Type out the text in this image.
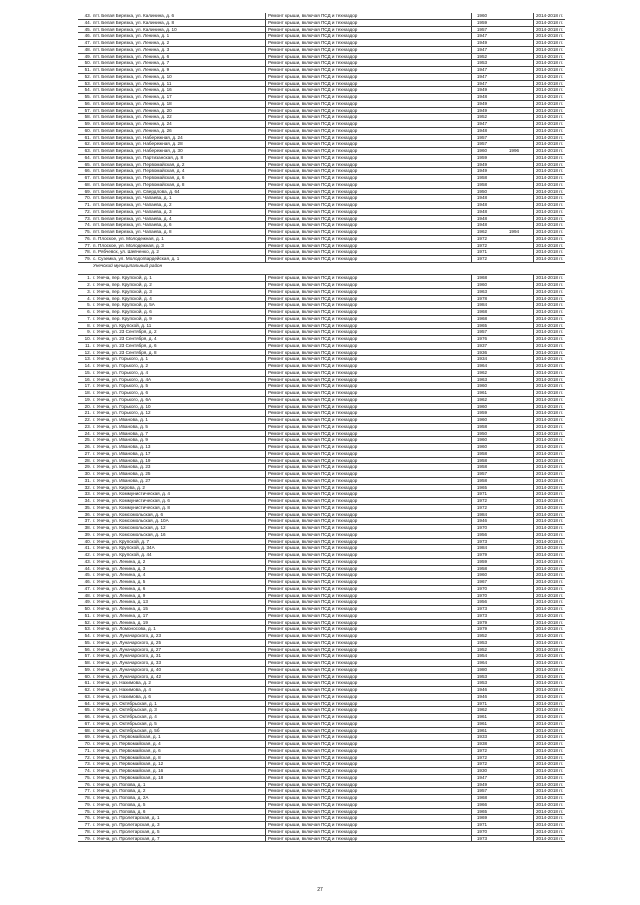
43. пгт. Белая Березка, ул. Калинина, д. 6	Ремонт крыши, включая ПСД и техназдор	1960	2014-2018 гг.
44. пгт. Белая Березка, ул. Калинина, д. 8	Ремонт крыши, включая ПСД и техназдор	1959	2014-2018 гг.
45. пгт. Белая Березка, ул. Калинина, д. 10	Ремонт крыши, включая ПСД и техназдор	1957	2014-2018 гг.
46. пгт. Белая Березка, ул. Ленина, д. 1	Ремонт крыши, включая ПСД и техназдор	1947	2014-2018 гг.
47. пгт. Белая Березка, ул. Ленина, д. 2	Ремонт крыши, включая ПСД и техназдор	1949	2014-2018 гг.
48. пгт. Белая Березка, ул. Ленина, д. 3	Ремонт крыши, включая ПСД и техназдор	1947	2014-2018 гг.
49. пгт. Белая Березка, ул. Ленина, д. 6	Ремонт крыши, включая ПСД и техназдор	1952	2014-2018 гг.
50. пгт. Белая Березка, ул. Ленина, д. 7	Ремонт крыши, включая ПСД и техназдор	1953	2014-2018 гг.
51. пгт. Белая Березка, ул. Ленина, д. 9	Ремонт крыши, включая ПСД и техназдор	1947	2014-2018 гг.
52. пгт. Белая Березка, ул. Ленина, д. 10	Ремонт крыши, включая ПСД и техназдор	1947	2014-2018 гг.
53. пгт. Белая Березка, ул. Ленина, д. 11	Ремонт крыши, включая ПСД и техназдор	1947	2014-2018 гг.
54. пгт. Белая Березка, ул. Ленина, д. 16	Ремонт крыши, включая ПСД и техназдор	1949	2014-2018 гг.
55. пгт. Белая Березка, ул. Ленина, д. 17	Ремонт крыши, включая ПСД и техназдор	1948	2014-2018 гг.
56. пгт. Белая Березка, ул. Ленина, д. 18	Ремонт крыши, включая ПСД и техназдор	1949	2014-2018 гг.
57. пгт. Белая Березка, ул. Ленина, д. 20	Ремонт крыши, включая ПСД и техназдор	1949	2014-2018 гг.
58. пгт. Белая Березка, ул. Ленина, д. 22	Ремонт крыши, включая ПСД и техназдор	1952	2014-2018 гг.
59. пгт. Белая Березка, ул. Ленина, д. 24	Ремонт крыши, включая ПСД и техназдор	1947	2014-2018 гг.
60. пгт. Белая Березка, ул. Ленина, д. 26	Ремонт крыши, включая ПСД и техназдор	1948	2014-2018 гг.
61. пгт. Белая Березка, ул. Набережная, д. 24	Ремонт крыши, включая ПСД и техназдор	1957	2014-2018 гг.
62. пгт. Белая Березка, ул. Набережная, д. 28	Ремонт крыши, включая ПСД и техназдор	1957	2014-2018 гг.
63. пгт. Белая Березка, ул. Набережная, д. 30	Ремонт крыши, включая ПСД и техназдор	1960	1996	2014-2018 гг.
64. пгт. Белая Березка, ул. Партизанская, д. 8	Ремонт крыши, включая ПСД и техназдор	1959	2014-2018 гг.
65. пгт. Белая Березка, ул. Первомайская, д. 2	Ремонт крыши, включая ПСД и техназдор	1949	2014-2018 гг.
66. пгт. Белая Березка, ул. Первомайская, д. 4	Ремонт крыши, включая ПСД и техназдор	1949	2014-2018 гг.
67. пгт. Белая Березка, ул. Первомайская, д. 6	Ремонт крыши, включая ПСД и техназдор	1958	2014-2018 гг.
68. пгт. Белая Березка, ул. Первомайская, д. 8	Ремонт крыши, включая ПСД и техназдор	1958	2014-2018 гг.
69. пгт. Белая Березка, ул. Свердлова, д. 64	Ремонт крыши, включая ПСД и техназдор	1950	2014-2018 гг.
70. пгт. Белая Березка, ул. Чапаева, д. 1	Ремонт крыши, включая ПСД и техназдор	1948	2014-2018 гг.
71. пгт. Белая Березка, ул. Чапаева, д. 2	Ремонт крыши, включая ПСД и техназдор	1948	2014-2018 гг.
72. пгт. Белая Березка, ул. Чапаева, д. 3	Ремонт крыши, включая ПСД и техназдор	1948	2014-2018 гг.
73. пгт. Белая Березка, ул. Чапаева, д. 4	Ремонт крыши, включая ПСД и техназдор	1948	2014-2018 гг.
74. пгт. Белая Березка, ул. Чапаева, д. 6	Ремонт крыши, включая ПСД и техназдор	1948	2014-2018 гг.
75. пгт. Белая Березка, ул. Чапаева, д. 8	Ремонт крыши, включая ПСД и техназдор	1962	1994	2014-2018 гг.
76. п. Плоское, ул. Молодежная, д. 1	Ремонт крыши, включая ПСД и техназдор	1972	2014-2018 гг.
77. п. Плоское, ул. Молодежная, д. 3	Ремонт крыши, включая ПСД и техназдор	1972	2014-2018 гг.
78. п. Рябчевск, ул. Шевченко, д. 2	Ремонт крыши, включая ПСД и техназдор	1971	2014-2018 гг.
79. с. Суземка, ул. Молодогвардейская, д. 1	Ремонт крыши, включая ПСД и техназдор	1972	2014-2018 гг.
Унечский муниципальный район
1. г. Унеча, пер. Крупской, д. 1	Ремонт крыши, включая ПСД и техназдор	1968	2014-2018 гг.
2. г. Унеча, пер. Крупской, д. 2	Ремонт крыши, включая ПСД и техназдор	1960	2014-2018 гг.
3. г. Унеча, пер. Крупской, д. 3	Ремонт крыши, включая ПСД и техназдор	1963	2014-2018 гг.
4. г. Унеча, пер. Крупской, д. 4	Ремонт крыши, включая ПСД и техназдор	1978	2014-2018 гг.
5. г. Унеча, пер. Крупской, д. 5А	Ремонт крыши, включая ПСД и техназдор	1984	2014-2018 гг.
6. г. Унеча, пер. Крупской, д. 6	Ремонт крыши, включая ПСД и техназдор	1968	2014-2018 гг.
7. г. Унеча, пер. Крупской, д. 9	Ремонт крыши, включая ПСД и техназдор	1968	2014-2018 гг.
8. г. Унеча, ул. Крупской, д. 11	Ремонт крыши, включая ПСД и техназдор	1965	2014-2018 гг.
9. г. Унеча, ул. 23 Сентября, д. 2	Ремонт крыши, включая ПСД и техназдор	1957	2014-2018 гг.
10. г. Унеча, ул. 23 Сентября, д. 4	Ремонт крыши, включая ПСД и техназдор	1976	2014-2018 гг.
11. г. Унеча, ул. 23 Сентября, д. 6	Ремонт крыши, включая ПСД и техназдор	1937	2014-2018 гг.
12. г. Унеча, ул. 23 Сентября, д. 8	Ремонт крыши, включая ПСД и техназдор	1936	2014-2018 гг.
13. г. Унеча, ул. Горького, д. 1	Ремонт крыши, включая ПСД и техназдор	1934	2014-2018 гг.
14. г. Унеча, ул. Горького, д. 2	Ремонт крыши, включая ПСД и техназдор	1964	2014-2018 гг.
15. г. Унеча, ул. Горького, д. 4	Ремонт крыши, включая ПСД и техназдор	1962	2014-2018 гг.
16. г. Унеча, ул. Горького, д. 4А	Ремонт крыши, включая ПСД и техназдор	1963	2014-2018 гг.
17. г. Унеча, ул. Горького, д. 5	Ремонт крыши, включая ПСД и техназдор	1960	2014-2018 гг.
18. г. Унеча, ул. Горького, д. 6	Ремонт крыши, включая ПСД и техназдор	1961	2014-2018 гг.
19. г. Унеча, ул. Горького, д. 6А	Ремонт крыши, включая ПСД и техназдор	1962	2014-2018 гг.
20. г. Унеча, ул. Горького, д. 10	Ремонт крыши, включая ПСД и техназдор	1960	2014-2018 гг.
21. г. Унеча, ул. Горького, д. 12	Ремонт крыши, включая ПСД и техназдор	1959	2014-2018 гг.
22. г. Унеча, ул. Иванова, д. 1	Ремонт крыши, включая ПСД и техназдор	1960	2014-2018 гг.
23. г. Унеча, ул. Иванова, д. 5	Ремонт крыши, включая ПСД и техназдор	1958	2014-2018 гг.
24. г. Унеча, ул. Иванова, д. 7	Ремонт крыши, включая ПСД и техназдор	1950	2014-2018 гг.
25. г. Унеча, ул. Иванова, д. 9	Ремонт крыши, включая ПСД и техназдор	1960	2014-2018 гг.
26. г. Унеча, ул. Иванова, д. 13	Ремонт крыши, включая ПСД и техназдор	1960	2014-2018 гг.
27. г. Унеча, ул. Иванова, д. 17	Ремонт крыши, включая ПСД и техназдор	1958	2014-2018 гг.
28. г. Унеча, ул. Иванова, д. 19	Ремонт крыши, включая ПСД и техназдор	1958	2014-2018 гг.
29. г. Унеча, ул. Иванова, д. 23	Ремонт крыши, включая ПСД и техназдор	1958	2014-2018 гг.
30. г. Унеча, ул. Иванова, д. 25	Ремонт крыши, включая ПСД и техназдор	1957	2014-2018 гг.
31. г. Унеча, ул. Иванова, д. 27	Ремонт крыши, включая ПСД и техназдор	1958	2014-2018 гг.
32. г. Унеча, ул. Кирова, д. 2	Ремонт крыши, включая ПСД и техназдор	1965	2014-2018 гг.
33. г. Унеча, ул. Коммунистическая, д. 4	Ремонт крыши, включая ПСД и техназдор	1971	2014-2018 гг.
34. г. Унеча, ул. Коммунистическая, д. 6	Ремонт крыши, включая ПСД и техназдор	1972	2014-2018 гг.
35. г. Унеча, ул. Коммунистическая, д. 8	Ремонт крыши, включая ПСД и техназдор	1972	2014-2018 гг.
36. г. Унеча, ул. Комсомольская, д. 6	Ремонт крыши, включая ПСД и техназдор	1984	2014-2018 гг.
37. г. Унеча, ул. Комсомольская, д. 10А	Ремонт крыши, включая ПСД и техназдор	1946	2014-2018 гг.
38. г. Унеча, ул. Комсомольская, д. 12	Ремонт крыши, включая ПСД и техназдор	1970	2014-2018 гг.
39. г. Унеча, ул. Комсомольская, д. 16	Ремонт крыши, включая ПСД и техназдор	1956	2014-2018 гг.
40. г. Унеча, ул. Крупской, д. 7	Ремонт крыши, включая ПСД и техназдор	1973	2014-2018 гг.
41. г. Унеча, ул. Крупской, д. 34А	Ремонт крыши, включая ПСД и техназдор	1984	2014-2018 гг.
42. г. Унеча, ул. Крупской, д. 44	Ремонт крыши, включая ПСД и техназдор	1979	2014-2018 гг.
43. г. Унеча, ул. Ленина, д. 2	Ремонт крыши, включая ПСД и техназдор	1959	2014-2018 гг.
44. г. Унеча, ул. Ленина, д. 3	Ремонт крыши, включая ПСД и техназдор	1958	2014-2018 гг.
45. г. Унеча, ул. Ленина, д. 4	Ремонт крыши, включая ПСД и техназдор	1960	2014-2018 гг.
46. г. Унеча, ул. Ленина, д. 5	Ремонт крыши, включая ПСД и техназдор	1967	2014-2018 гг.
47. г. Унеча, ул. Ленина, д. 6	Ремонт крыши, включая ПСД и техназдор	1970	2014-2018 гг.
48. г. Унеча, ул. Ленина, д. 9	Ремонт крыши, включая ПСД и техназдор	1970	2014-2018 гг.
49. г. Унеча, ул. Ленина, д. 13	Ремонт крыши, включая ПСД и техназдор	1956	2014-2018 гг.
50. г. Унеча, ул. Ленина, д. 15	Ремонт крыши, включая ПСД и техназдор	1973	2014-2018 гг.
51. г. Унеча, ул. Ленина, д. 17	Ремонт крыши, включая ПСД и техназдор	1973	2014-2018 гг.
52. г. Унеча, ул. Ленина, д. 19	Ремонт крыши, включая ПСД и техназдор	1979	2014-2018 гг.
53. г. Унеча, ул. Ломоносова, д. 1	Ремонт крыши, включая ПСД и техназдор	1979	2014-2018 гг.
54. г. Унеча, ул. Луначарского, д. 23	Ремонт крыши, включая ПСД и техназдор	1952	2014-2018 гг.
55. г. Унеча, ул. Луначарского, д. 25	Ремонт крыши, включая ПСД и техназдор	1953	2014-2018 гг.
56. г. Унеча, ул. Луначарского, д. 27	Ремонт крыши, включая ПСД и техназдор	1952	2014-2018 гг.
57. г. Унеча, ул. Луначарского, д. 31	Ремонт крыши, включая ПСД и техназдор	1954	2014-2018 гг.
58. г. Унеча, ул. Луначарского, д. 33	Ремонт крыши, включая ПСД и техназдор	1964	2014-2018 гг.
59. г. Унеча, ул. Луначарского, д. 40	Ремонт крыши, включая ПСД и техназдор	1980	2014-2018 гг.
60. г. Унеча, ул. Луначарского, д. 42	Ремонт крыши, включая ПСД и техназдор	1953	2014-2018 гг.
61. г. Унеча, ул. Нахимова, д. 2	Ремонт крыши, включая ПСД и техназдор	1953	2014-2018 гг.
62. г. Унеча, ул. Нахимова, д. 4	Ремонт крыши, включая ПСД и техназдор	1946	2014-2018 гг.
63. г. Унеча, ул. Нахимова, д. 6	Ремонт крыши, включая ПСД и техназдор	1946	2014-2018 гг.
64. г. Унеча, ул. Октябрьская, д. 1	Ремонт крыши, включая ПСД и техназдор	1971	2014-2018 гг.
65. г. Унеча, ул. Октябрьская, д. 3	Ремонт крыши, включая ПСД и техназдор	1962	2014-2018 гг.
66. г. Унеча, ул. Октябрьская, д. 4	Ремонт крыши, включая ПСД и техназдор	1961	2014-2018 гг.
67. г. Унеча, ул. Октябрьская, д. 5	Ремонт крыши, включая ПСД и техназдор	1961	2014-2018 гг.
68. г. Унеча, ул. Октябрьская, д. 5б	Ремонт крыши, включая ПСД и техназдор	1961	2014-2018 гг.
69. г. Унеча, ул. Первомайская, д. 1	Ремонт крыши, включая ПСД и техназдор	1933	2014-2018 гг.
70. г. Унеча, ул. Первомайская, д. 4	Ремонт крыши, включая ПСД и техназдор	1938	2014-2018 гг.
71. г. Унеча, ул. Первомайская, д. 6	Ремонт крыши, включая ПСД и техназдор	1972	2014-2018 гг.
72. г. Унеча, ул. Первомайская, д. 8	Ремонт крыши, включая ПСД и техназдор	1972	2014-2018 гг.
73. г. Унеча, ул. Первомайская, д. 12	Ремонт крыши, включая ПСД и техназдор	1972	2014-2018 гг.
74. г. Унеча, ул. Первомайская, д. 16	Ремонт крыши, включая ПСД и техназдор	1930	2014-2018 гг.
75. г. Унеча, ул. Первомайская, д. 18	Ремонт крыши, включая ПСД и техназдор	1947	2014-2018 гг.
76. г. Унеча, ул. Попова, д. 1	Ремонт крыши, включая ПСД и техназдор	1949	2014-2018 гг.
77. г. Унеча, ул. Попова, д. 2	Ремонт крыши, включая ПСД и техназдор	1957	2014-2018 гг.
78. г. Унеча, ул. Попова, д. 2А	Ремонт крыши, включая ПСД и техназдор	1968	2014-2018 гг.
79. г. Унеча, ул. Попова, д. 5	Ремонт крыши, включая ПСД и техназдор	1966	2014-2018 гг.
75. г. Унеча, ул. Попова, д. 6	Ремонт крыши, включая ПСД и техназдор	1965	2014-2018 гг.
76. г. Унеча, ул. Пролетарская, д. 1	Ремонт крыши, включая ПСД и техназдор	1969	2014-2018 гг.
77. г. Унеча, ул. Пролетарская, д. 3	Ремонт крыши, включая ПСД и техназдор	1971	2014-2018 гг.
78. г. Унеча, ул. Пролетарская, д. 5	Ремонт крыши, включая ПСД и техназдор	1970	2014-2018 гг.
79. г. Унеча, ул. Пролетарская, д. 7	Ремонт крыши, включая ПСД и техназдор	1973	2014-2018 гг.
27
